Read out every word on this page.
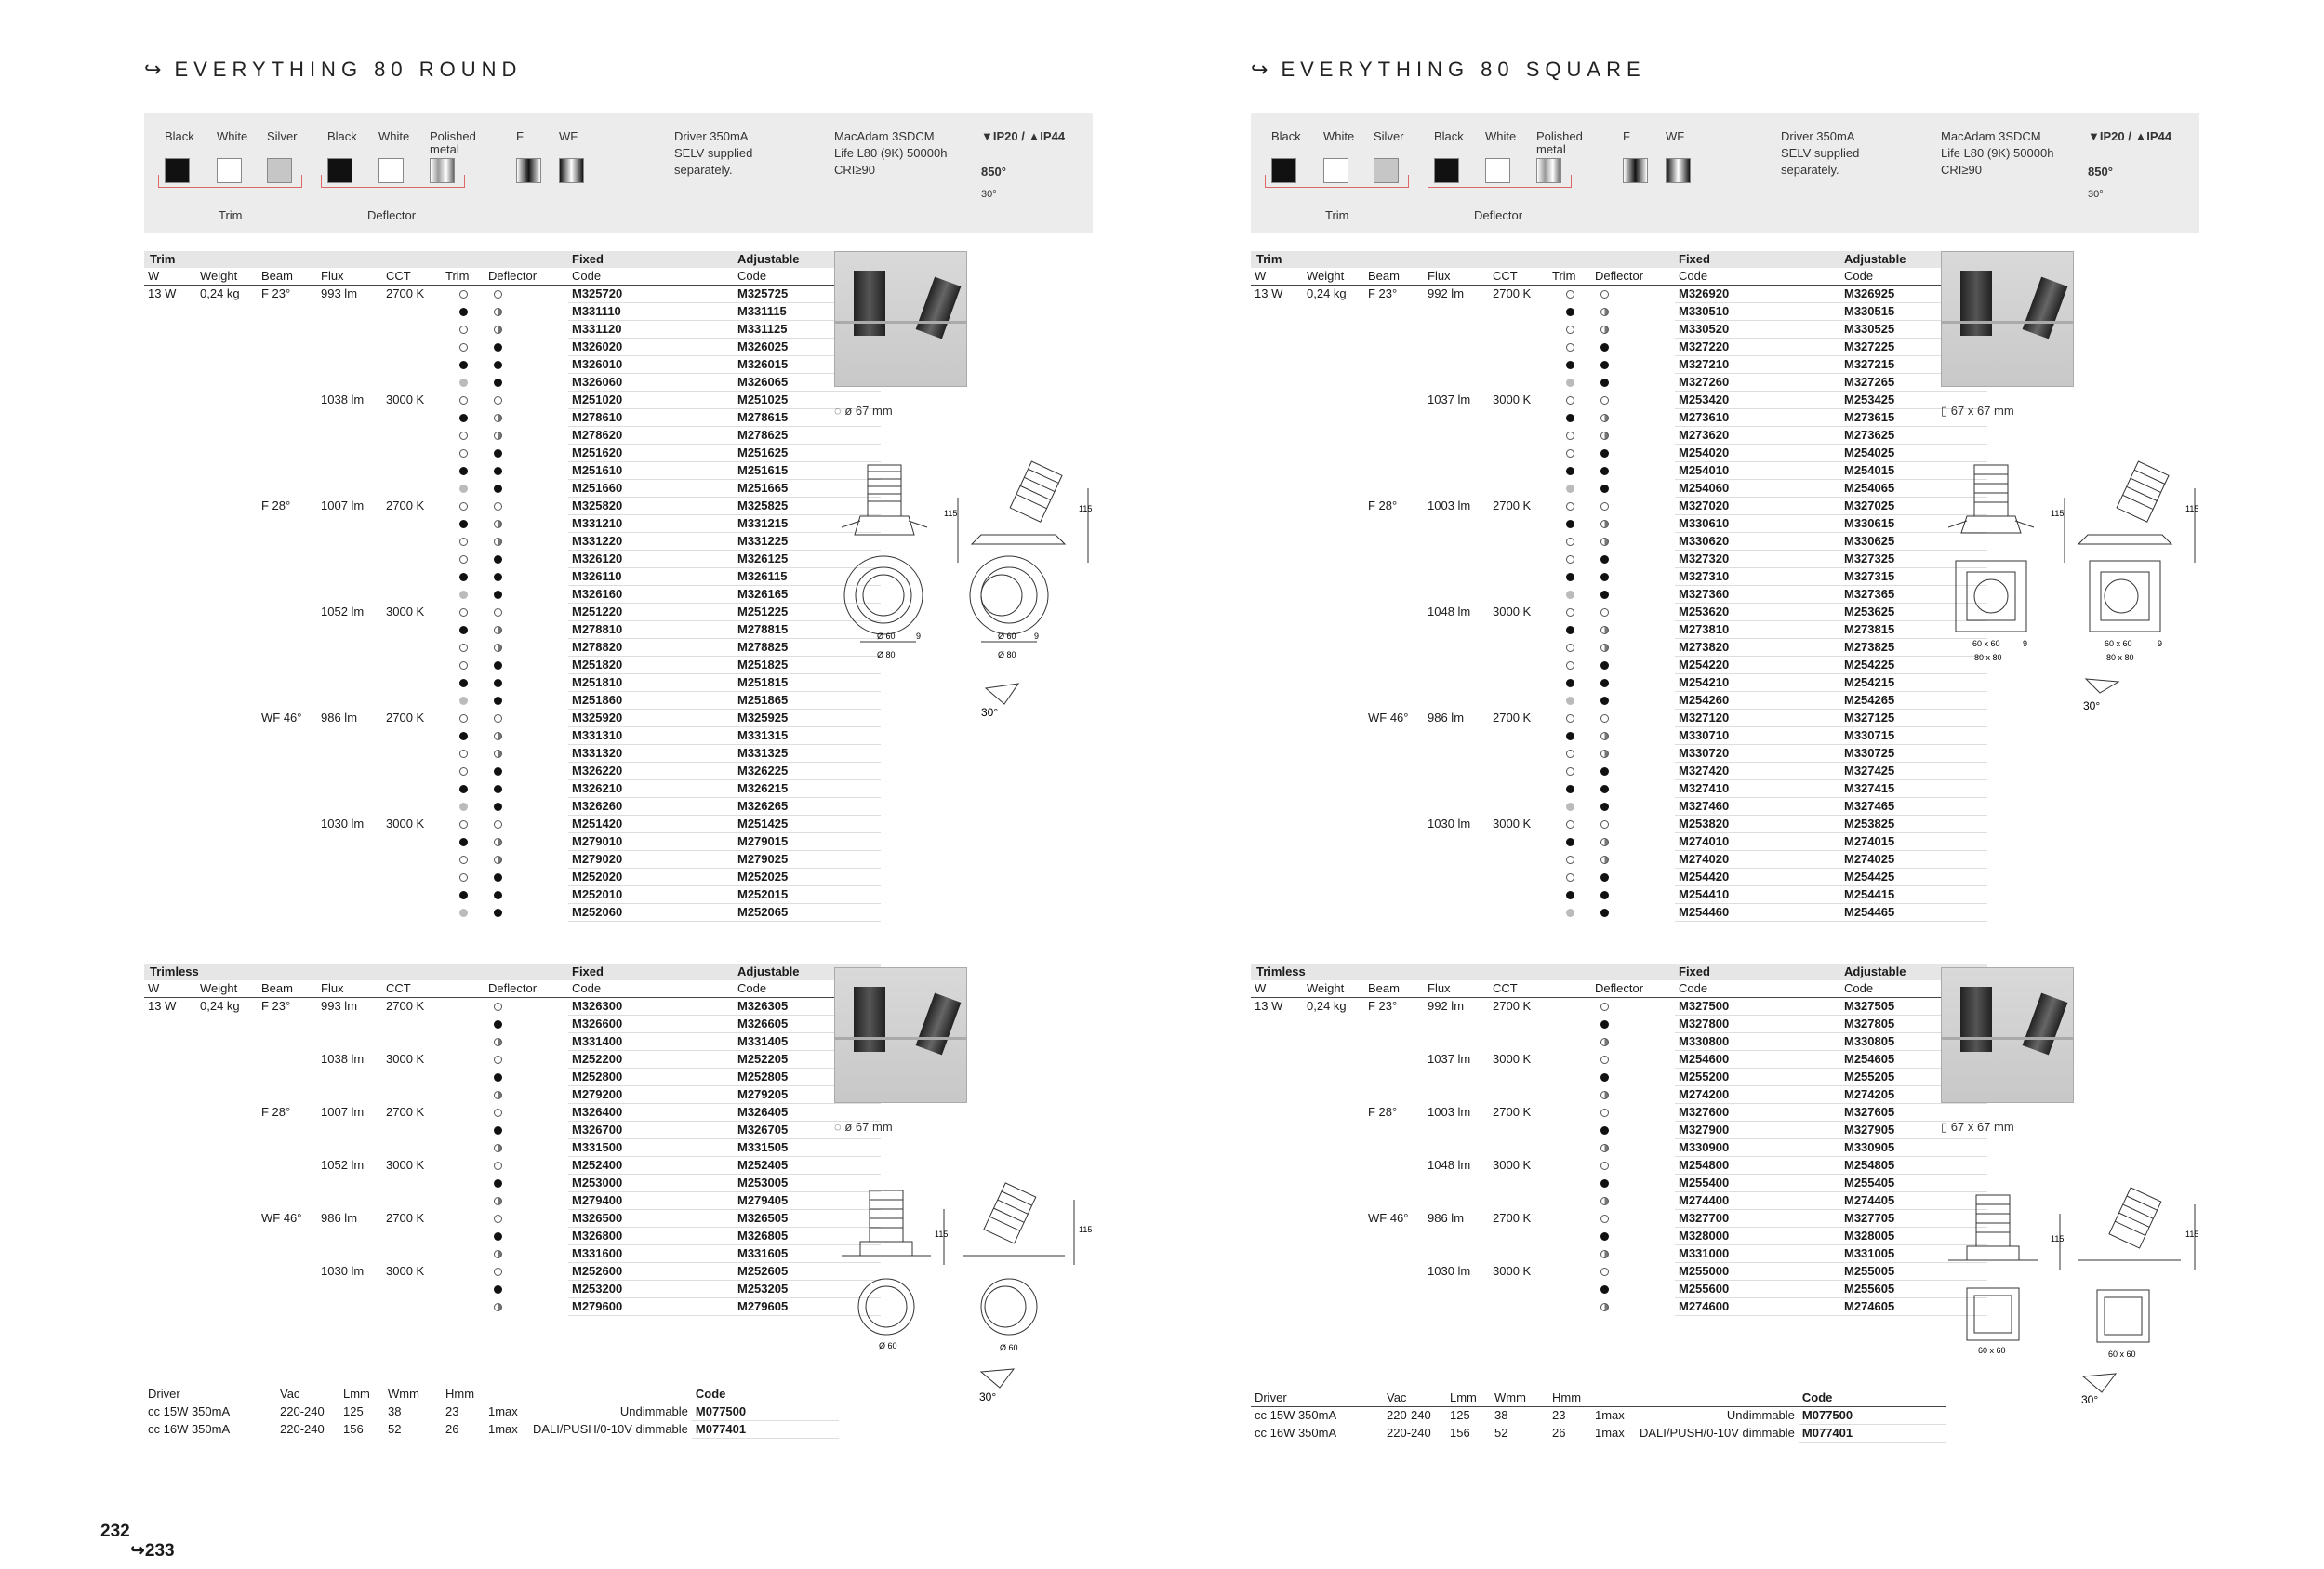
↪ EVERYTHING 80 ROUND
Black	White	Silver	Black	White	Polished metal
F	WF
Trim	Deflector
Driver 350mA
SELV supplied
separately.
MacAdam 3SDCM
Life L80 (9K) 50000h
CRI≥90
▼IP20 / ▲IP44
850°
30°
Trim							Fixed	Adjustable
W	Weight	Beam	Flux	CCT	Trim	Deflector	Code	Code
13 W	0,24 kg	F 23°	993 lm	2700 K			M325720	M325725
							M331110	M331115
							M331120	M331125
							M326020	M326025
							M326010	M326015
							M326060	M326065
			1038 lm	3000 K			M251020	M251025
							M278610	M278615
							M278620	M278625
							M251620	M251625
							M251610	M251615
							M251660	M251665
		F 28°	1007 lm	2700 K			M325820	M325825
							M331210	M331215
							M331220	M331225
							M326120	M326125
							M326110	M326115
							M326160	M326165
			1052 lm	3000 K			M251220	M251225
							M278810	M278815
							M278820	M278825
							M251820	M251825
							M251810	M251815
							M251860	M251865
		WF 46°	986 lm	2700 K			M325920	M325925
							M331310	M331315
							M331320	M331325
							M326220	M326225
							M326210	M326215
							M326260	M326265
			1030 lm	3000 K			M251420	M251425
							M279010	M279015
							M279020	M279025
							M252020	M252025
							M252010	M252015
							M252060	M252065
◌ ø 67 mm
115	115
Ø 60 9
Ø 80
Ø 60 9
Ø 80
30°
Trimless							Fixed	Adjustable
W	Weight	Beam	Flux	CCT		Deflector	Code	Code
13 W	0,24 kg	F 23°	993 lm	2700 K			M326300	M326305
							M326600	M326605
							M331400	M331405
			1038 lm	3000 K			M252200	M252205
							M252800	M252805
							M279200	M279205
		F 28°	1007 lm	2700 K			M326400	M326405
							M326700	M326705
							M331500	M331505
			1052 lm	3000 K			M252400	M252405
							M253000	M253005
							M279400	M279405
		WF 46°	986 lm	2700 K			M326500	M326505
							M326800	M326805
							M331600	M331605
			1030 lm	3000 K			M252600	M252605
							M253200	M253205
							M279600	M279605
◌ ø 67 mm
115	115
Ø 60	Ø 60
30°
Driver	Vac	Lmm	Wmm	Hmm			Code
cc 15W 350mA	220-240	125	38	23	1max	Undimmable	M077500
cc 16W 350mA	220-240	156	52	26	1max	DALI/PUSH/0-10V dimmable	M077401
↪ EVERYTHING 80 SQUARE
Black	White	Silver	Black	White	Polished metal
F	WF
Trim	Deflector
Driver 350mA
SELV supplied
separately.
MacAdam 3SDCM
Life L80 (9K) 50000h
CRI≥90
▼IP20 / ▲IP44
850°
30°
Trim							Fixed	Adjustable
W	Weight	Beam	Flux	CCT	Trim	Deflector	Code	Code
13 W	0,24 kg	F 23°	992 lm	2700 K			M326920	M326925
							M330510	M330515
							M330520	M330525
							M327220	M327225
							M327210	M327215
							M327260	M327265
			1037 lm	3000 K			M253420	M253425
							M273610	M273615
							M273620	M273625
							M254020	M254025
							M254010	M254015
							M254060	M254065
		F 28°	1003 lm	2700 K			M327020	M327025
							M330610	M330615
							M330620	M330625
							M327320	M327325
							M327310	M327315
							M327360	M327365
			1048 lm	3000 K			M253620	M253625
							M273810	M273815
							M273820	M273825
							M254220	M254225
							M254210	M254215
							M254260	M254265
		WF 46°	986 lm	2700 K			M327120	M327125
							M330710	M330715
							M330720	M330725
							M327420	M327425
							M327410	M327415
							M327460	M327465
			1030 lm	3000 K			M253820	M253825
							M274010	M274015
							M274020	M274025
							M254420	M254425
							M254410	M254415
							M254460	M254465
▯ 67 x 67 mm
115	115
60 x 60	9
80 x 80
60 x 60	9
80 x 80
30°
Trimless							Fixed	Adjustable
W	Weight	Beam	Flux	CCT		Deflector	Code	Code
13 W	0,24 kg	F 23°	992 lm	2700 K			M327500	M327505
							M327800	M327805
							M330800	M330805
			1037 lm	3000 K			M254600	M254605
							M255200	M255205
							M274200	M274205
		F 28°	1003 lm	2700 K			M327600	M327605
							M327900	M327905
							M330900	M330905
			1048 lm	3000 K			M254800	M254805
							M255400	M255405
							M274400	M274405
		WF 46°	986 lm	2700 K			M327700	M327705
							M328000	M328005
							M331000	M331005
			1030 lm	3000 K			M255000	M255005
							M255600	M255605
							M274600	M274605
▯ 67 x 67 mm
115	115
60 x 60	60 x 60
30°
Driver	Vac	Lmm	Wmm	Hmm			Code
cc 15W 350mA	220-240	125	38	23	1max	Undimmable	M077500
cc 16W 350mA	220-240	156	52	26	1max	DALI/PUSH/0-10V dimmable	M077401
232
↪233
